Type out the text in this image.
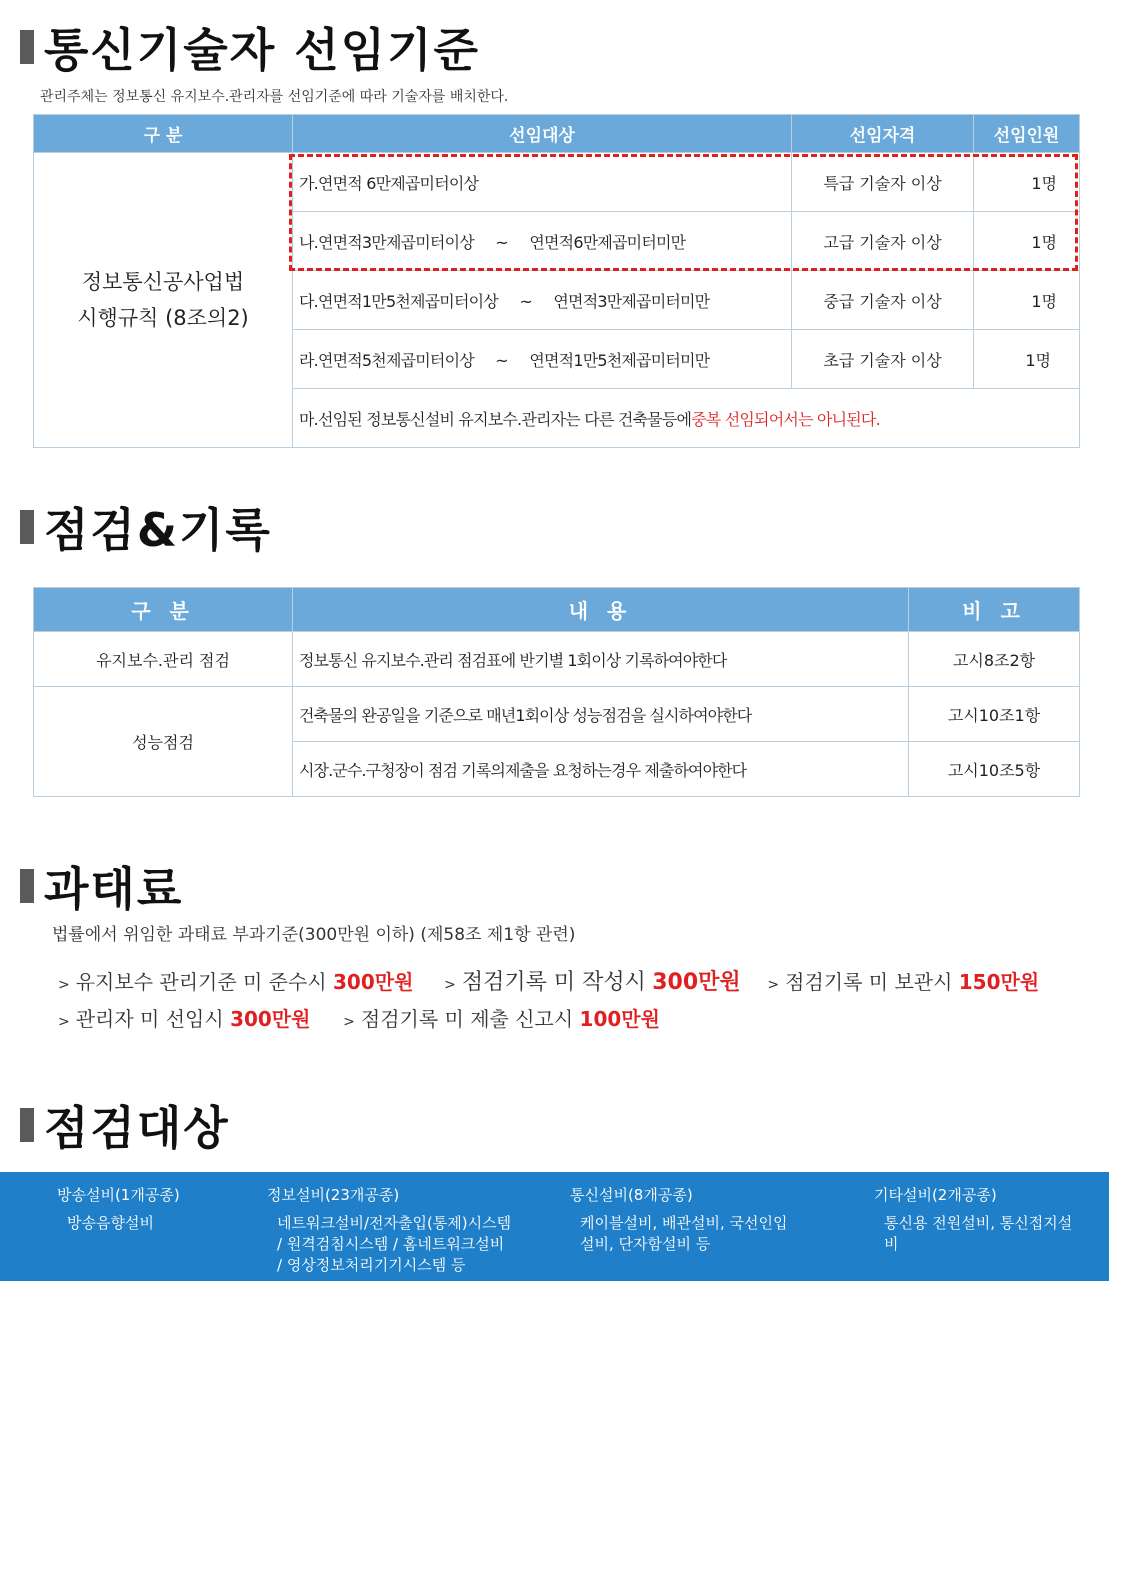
통신기술자 선임기준
관리주체는 정보통신 유지보수.관리자를 선임기준에 따라 기술자를 배치한다.
구 분	선임대상	선임자격	선임인원

정보통신공사업법
시행규칙 (8조의2)	가.연면적 6만제곱미터이상	특급 기술자 이상	1명
	나.연면적3만제곱미터이상     ~     연면적6만제곱미터미만	고급 기술자 이상	1명
	다.연면적1만5천제곱미터이상     ~     연면적3만제곱미터미만	중급 기술자 이상	1명
	라.연면적5천제곱미터이상     ~     연면적1만5천제곱미터미만	초급 기술자 이상	1명
	마.선임된 정보통신설비 유지보수.관리자는 다른 건축물등에중복 선임되어서는 아니된다.		
점검&기록
구 분	내 용	비 고
유지보수.관리 점검	정보통신 유지보수.관리 점검표에 반기별 1회이상 기록하여야한다	고시8조2항
성능점검	건축물의 완공일을 기준으로 매년1회이상 성능점검을 실시하여야한다	고시10조1항
	시장.군수.구청장이 점검 기록의제출을 요청하는경우 제출하여야한다	고시10조5항
과태료
법률에서 위임한 과태료 부과기준(300만원 이하) (제58조 제1항 관련)
> 유지보수 관리기준 미 준수시 300만원 > 점검기록 미 작성시 300만원 > 점검기록 미 보관시 150만원
> 관리자 미 선임시 300만원 > 점검기록 미 제출 신고시 100만원
점검대상
방송설비(1개공종)
방송음향설비
정보설비(23개공종)
네트워크설비/전자출입(통제)시스템
/ 원격검침시스템 / 홈네트워크설비
/ 영상정보처리기기시스템 등
통신설비(8개공종)
케이블설비, 배관설비, 국선인입
설비, 단자함설비 등
기타설비(2개공종)
통신용 전원설비, 통신접지설
비
